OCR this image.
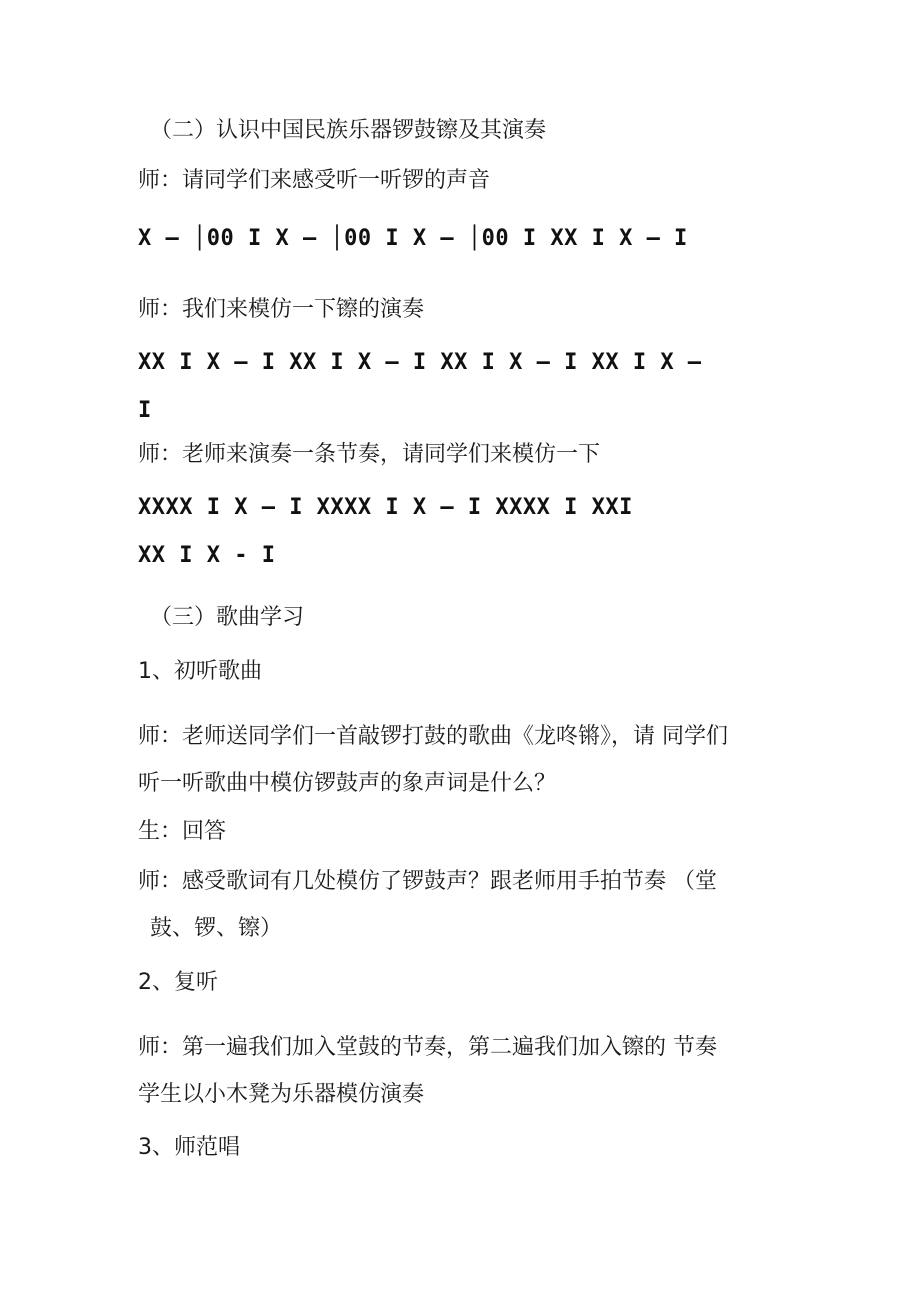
（二）认识中国民族乐器锣鼓镲及其演奏
师：请同学们来感受听一听锣的声音
X — │00 I X — │00 I X — │00 I XX I X — I
师：我们来模仿一下镲的演奏
XX I X — I XX I X — I XX I X — I XX I X —
I
师：老师来演奏一条节奏，请同学们来模仿一下
XXXX I X — I XXXX I X — I XXXX I XXI
XX I X - I
（三）歌曲学习
1、初听歌曲
师：老师送同学们一首敲锣打鼓的歌曲《龙咚锵》，请 同学们
听一听歌曲中模仿锣鼓声的象声词是什么？
生：回答
师：感受歌词有几处模仿了锣鼓声？跟老师用手拍节奏 （堂
鼓、锣、镲）
2、复听
师：第一遍我们加入堂鼓的节奏，第二遍我们加入镲的 节奏
学生以小木凳为乐器模仿演奏
3、师范唱
